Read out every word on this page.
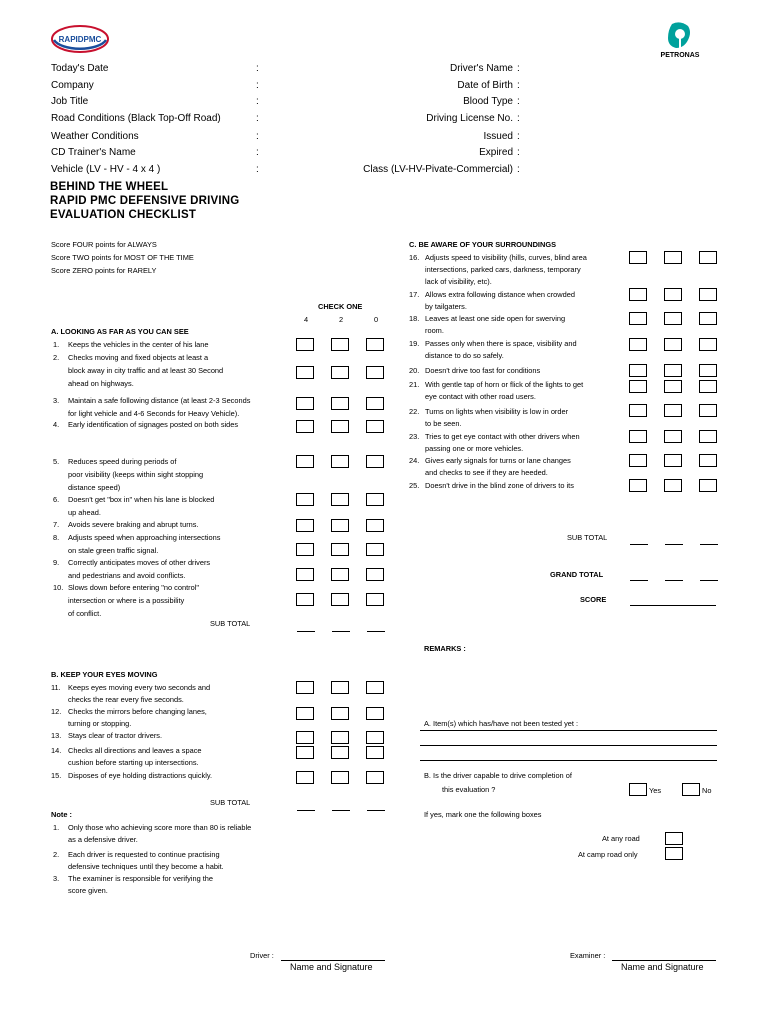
RAPIDPMC
PETRONAS
Today's Date	:
Company	:
Job Title	:
Road Conditions (Black Top-Off Road)	:
Weather Conditions	:
CD Trainer's Name	:
Vehicle (LV - HV - 4 x 4 )	:
Driver's Name :
Date of Birth :
Blood Type :
Driving License No. :
Issued :
Expired :
Class (LV-HV-Pivate-Commercial) :
BEHIND THE WHEEL
RAPID PMC DEFENSIVE DRIVING
EVALUATION CHECKLIST
Score FOUR points for ALWAYS
Score TWO points for MOST OF THE TIME
Score ZERO points for RARELY
CHECK ONE
4	2	0
A. LOOKING AS FAR AS YOU CAN SEE
1. Keeps the vehicles in the center of his lane
2. Checks moving and fixed objects at least a
block away in city traffic and at least 30 Second
ahead on highways.
3. Maintain a safe following distance (at least 2-3 Seconds
for light vehicle and 4-6 Seconds for Heavy Vehicle).
4. Early identification of signages posted on both sides
5. Reduces speed during periods of
poor visibility (keeps within sight stopping
distance speed)
6. Doesn't get "box in" when his lane is blocked
up ahead.
7. Avoids severe braking and abrupt turns.
8. Adjusts speed when approaching intersections
on stale green traffic signal.
9. Correctly anticipates moves of other drivers
and pedestrians and avoid conflicts.
10. Slows down before entering "no control"
intersection or where is a possibility
of conflict.
SUB TOTAL
B. KEEP YOUR EYES MOVING
11. Keeps eyes moving every two seconds and
checks the rear every five seconds.
12. Checks the mirrors before changing lanes,
turning or stopping.
13. Stays clear of tractor drivers.
14. Checks all directions and leaves a space
cushion before starting up intersections.
15. Disposes of eye holding distractions quickly.
SUB TOTAL
Note :
1. Only those who achieving score more than 80 is reliable
as a defensive driver.
2. Each driver is requested to continue practising
defensive techniques until they become a habit.
3. The examiner is responsible for verifying the
score given.
C. BE AWARE OF YOUR SURROUNDINGS
16. Adjusts speed to visibility (hills, curves, blind area
intersections, parked cars, darkness, temporary
lack of visibility, etc).
17. Allows extra following distance when crowded
by tailgaters.
18. Leaves at least one side open for swerving
room.
19. Passes only when there is space, visibility and
distance to do so safely.
20. Doesn't drive too fast for conditions
21. With gentle tap of horn or flick of the lights to get
eye contact with other road users.
22. Turns on lights when visibility is low in order
to be seen.
23. Tries to get eye contact with other drivers when
passing one or more vehicles.
24. Gives early signals for turns or lane changes
and checks to see if they are heeded.
25. Doesn't drive in the blind zone of drivers to its
SUB TOTAL
GRAND TOTAL
SCORE
REMARKS :
A. Item(s) which has/have not been tested yet :
B. Is the driver capable to drive completion of
this evaluation ?	Yes	No
If yes, mark one the following boxes
At any road
At camp road only
Driver :
Name and Signature
Examiner :
Name and Signature
